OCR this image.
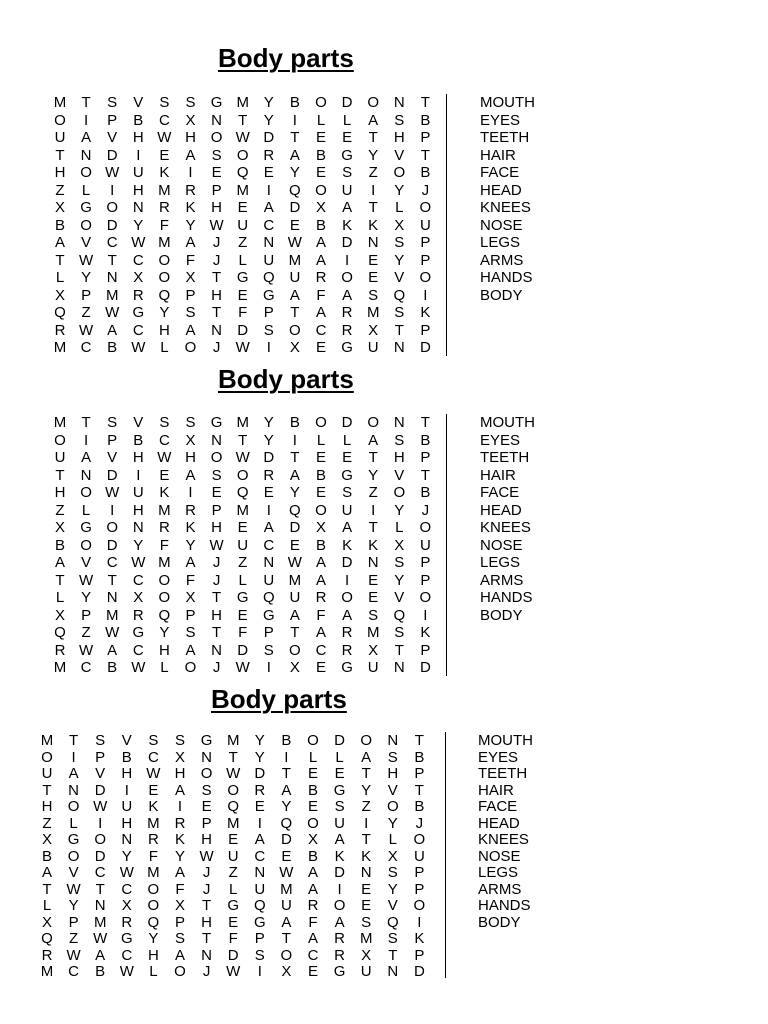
Body parts
M T S V S S G M Y B O D O N T
O	I	P B C X N T Y	I	L	L	A S B
U A V H W H O W D T E E T H P
T N D	I	E A S O R A B G Y V T
H O W U K	I	E Q E Y E S Z O B
Z	L	I	H M R P M	I	Q O U	I	Y	J
X G O N R K H E A D X A T	L	O
B O D Y F Y W U C E B K K X U
A V C W M A	J	Z N W A D N S P
T W T C O F	J	L	U M A	I	E Y P
L	Y N X O X T G Q U R O E V O
X P M R Q P H E G A F A S Q	I
Q Z W G Y S T F P T A R M S K
R W A C H A N D S O C R X T P
M C B W L	O	J	W	I	X E G U N D
MOUTH
EYES
TEETH
HAIR
FACE
HEAD
KNEES
NOSE
LEGS
ARMS
HANDS
BODY
Body parts
M T S V S S G M Y B O D O N T
O	I	P B C X N T Y	I	L	L	A S B
U A V H W H O W D T E E T H P
T N D	I	E A S O R A B G Y V T
H O W U K	I	E Q E Y E S Z O B
Z	L	I	H M R P M	I	Q O U	I	Y	J
X G O N R K H E A D X A T	L	O
B O D Y F Y W U C E B K K X U
A V C W M A	J	Z N W A D N S P
T W T C O F	J	L	U M A	I	E Y P
L	Y N X O X T G Q U R O E V O
X P M R Q P H E G A F A S Q	I
Q Z W G Y S T F P T A R M S K
R W A C H A N D S O C R X T P
M C B W L	O	J	W	I	X E G U N D
MOUTH
EYES
TEETH
HAIR
FACE
HEAD
KNEES
NOSE
LEGS
ARMS
HANDS
BODY
Body parts
M T S V S S G M Y B O D O N T
O	I	P B C X N T Y	I	L	L	A S B
U A V H W H O W D T E E T H P
T N D	I	E A S O R A B G Y V T
H O W U K	I	E Q E Y E S Z O B
Z	L	I	H M R P M	I	Q O U	I	Y	J
X G O N R K H E A D X A T	L	O
B O D Y F Y W U C E B K K X U
A V C W M A	J	Z N W A D N S P
T W T C O F	J	L	U M A	I	E Y P
L	Y N X O X T G Q U R O E V O
X P M R Q P H E G A F A S Q	I
Q Z W G Y S T F P T A R M S K
R W A C H A N D S O C R X T P
M C B W	L	O	J	W	I	X E G U N D
MOUTH
EYES
TEETH
HAIR
FACE
HEAD
KNEES
NOSE
LEGS
ARMS
HANDS
BODY
